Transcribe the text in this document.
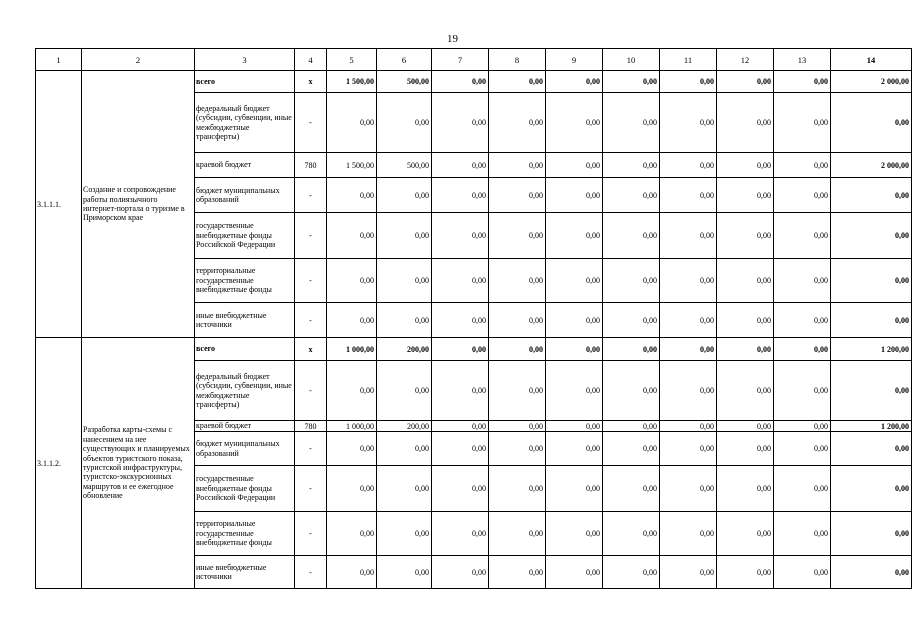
19
1	2	3	4	5	6	7	8	9	10	11	12	13	14
3.1.1.1.	Создание и сопровождение работы полиязычного интернет-портала о туризме в Приморском крае	всего	x	1 500,00	500,00	0,00	0,00	0,00	0,00	0,00	0,00	0,00	2 000,00
		федеральный бюджет (субсидии, субвенции, иные межбюджетные трансферты)	-	0,00	0,00	0,00	0,00	0,00	0,00	0,00	0,00	0,00	0,00
		краевой бюджет	780	1 500,00	500,00	0,00	0,00	0,00	0,00	0,00	0,00	0,00	2 000,00
		бюджет муниципальных образований	-	0,00	0,00	0,00	0,00	0,00	0,00	0,00	0,00	0,00	0,00
		государственные внебюджетные фонды Российской Федерации	-	0,00	0,00	0,00	0,00	0,00	0,00	0,00	0,00	0,00	0,00
		территориальные государственные внебюджетные фонды	-	0,00	0,00	0,00	0,00	0,00	0,00	0,00	0,00	0,00	0,00
		иные внебюджетные источники	-	0,00	0,00	0,00	0,00	0,00	0,00	0,00	0,00	0,00	0,00
3.1.1.2.	Разработка карты-схемы с нанесением на нее существующих и планируемых объектов туристского показа, туристской инфраструктуры, туристско-экскурсионных маршрутов и ее ежегодное обновление	всего	x	1 000,00	200,00	0,00	0,00	0,00	0,00	0,00	0,00	0,00	1 200,00
		федеральный бюджет (субсидии, субвенции, иные межбюджетные трансферты)	-	0,00	0,00	0,00	0,00	0,00	0,00	0,00	0,00	0,00	0,00
		краевой бюджет	780	1 000,00	200,00	0,00	0,00	0,00	0,00	0,00	0,00	0,00	1 200,00
		бюджет муниципальных образований	-	0,00	0,00	0,00	0,00	0,00	0,00	0,00	0,00	0,00	0,00
		государственные внебюджетные фонды Российской Федерации	-	0,00	0,00	0,00	0,00	0,00	0,00	0,00	0,00	0,00	0,00
		территориальные государственные внебюджетные фонды	-	0,00	0,00	0,00	0,00	0,00	0,00	0,00	0,00	0,00	0,00
		иные внебюджетные источники	-	0,00	0,00	0,00	0,00	0,00	0,00	0,00	0,00	0,00	0,00
